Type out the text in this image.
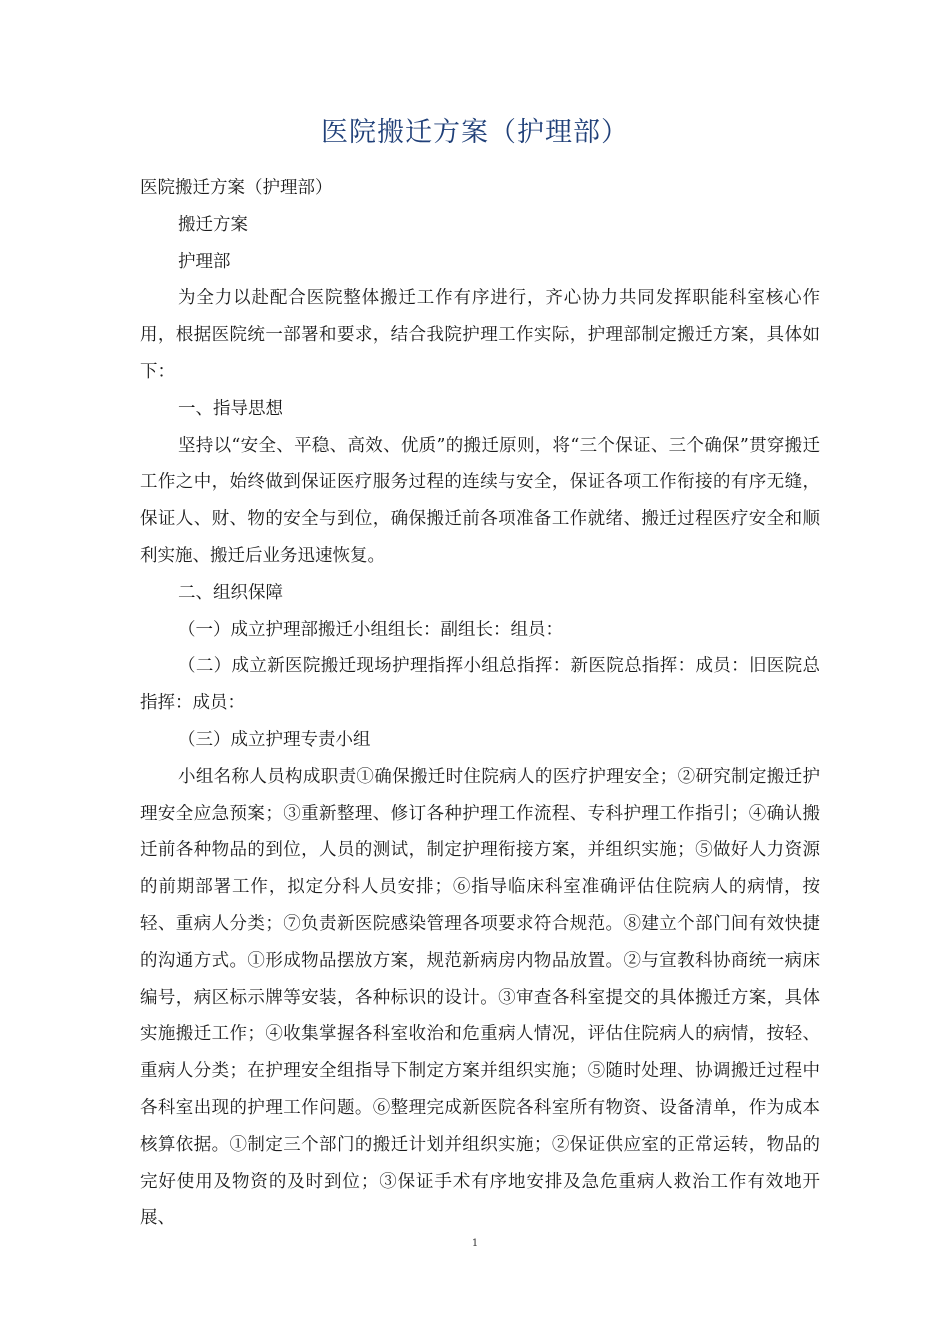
医院搬迁方案（护理部）

医院搬迁方案（护理部）

搬迁方案

护理部

为全力以赴配合医院整体搬迁工作有序进行，齐心协力共同发挥职能科室核心作用，根据医院统一部署和要求，结合我院护理工作实际，护理部制定搬迁方案，具体如下：

一、指导思想

坚持以“安全、平稳、高效、优质”的搬迁原则，将“三个保证、三个确保”贯穿搬迁工作之中，始终做到保证医疗服务过程的连续与安全，保证各项工作衔接的有序无缝，保证人、财、物的安全与到位，确保搬迁前各项准备工作就绪、搬迁过程医疗安全和顺利实施、搬迁后业务迅速恢复。

二、组织保障

（一）成立护理部搬迁小组组长：副组长：组员：

（二）成立新医院搬迁现场护理指挥小组总指挥：新医院总指挥：成员：旧医院总指挥：成员：

（三）成立护理专责小组

小组名称人员构成职责①确保搬迁时住院病人的医疗护理安全；②研究制定搬迁护理安全应急预案；③重新整理、修订各种护理工作流程、专科护理工作指引；④确认搬迁前各种物品的到位，人员的测试，制定护理衔接方案，并组织实施；⑤做好人力资源的前期部署工作，拟定分科人员安排；⑥指导临床科室准确评估住院病人的病情，按轻、重病人分类；⑦负责新医院感染管理各项要求符合规范。⑧建立个部门间有效快捷的沟通方式。①形成物品摆放方案，规范新病房内物品放置。②与宣教科协商统一病床编号，病区标示牌等安装，各种标识的设计。③审查各科室提交的具体搬迁方案，具体实施搬迁工作；④收集掌握各科室收治和危重病人情况，评估住院病人的病情，按轻、重病人分类；在护理安全组指导下制定方案并组织实施；⑤随时处理、协调搬迁过程中各科室出现的护理工作问题。⑥整理完成新医院各科室所有物资、设备清单，作为成本核算依据。①制定三个部门的搬迁计划并组织实施；②保证供应室的正常运转，物品的完好使用及物资的及时到位；③保证手术有序地安排及急危重病人救治工作有效地开展、

1
